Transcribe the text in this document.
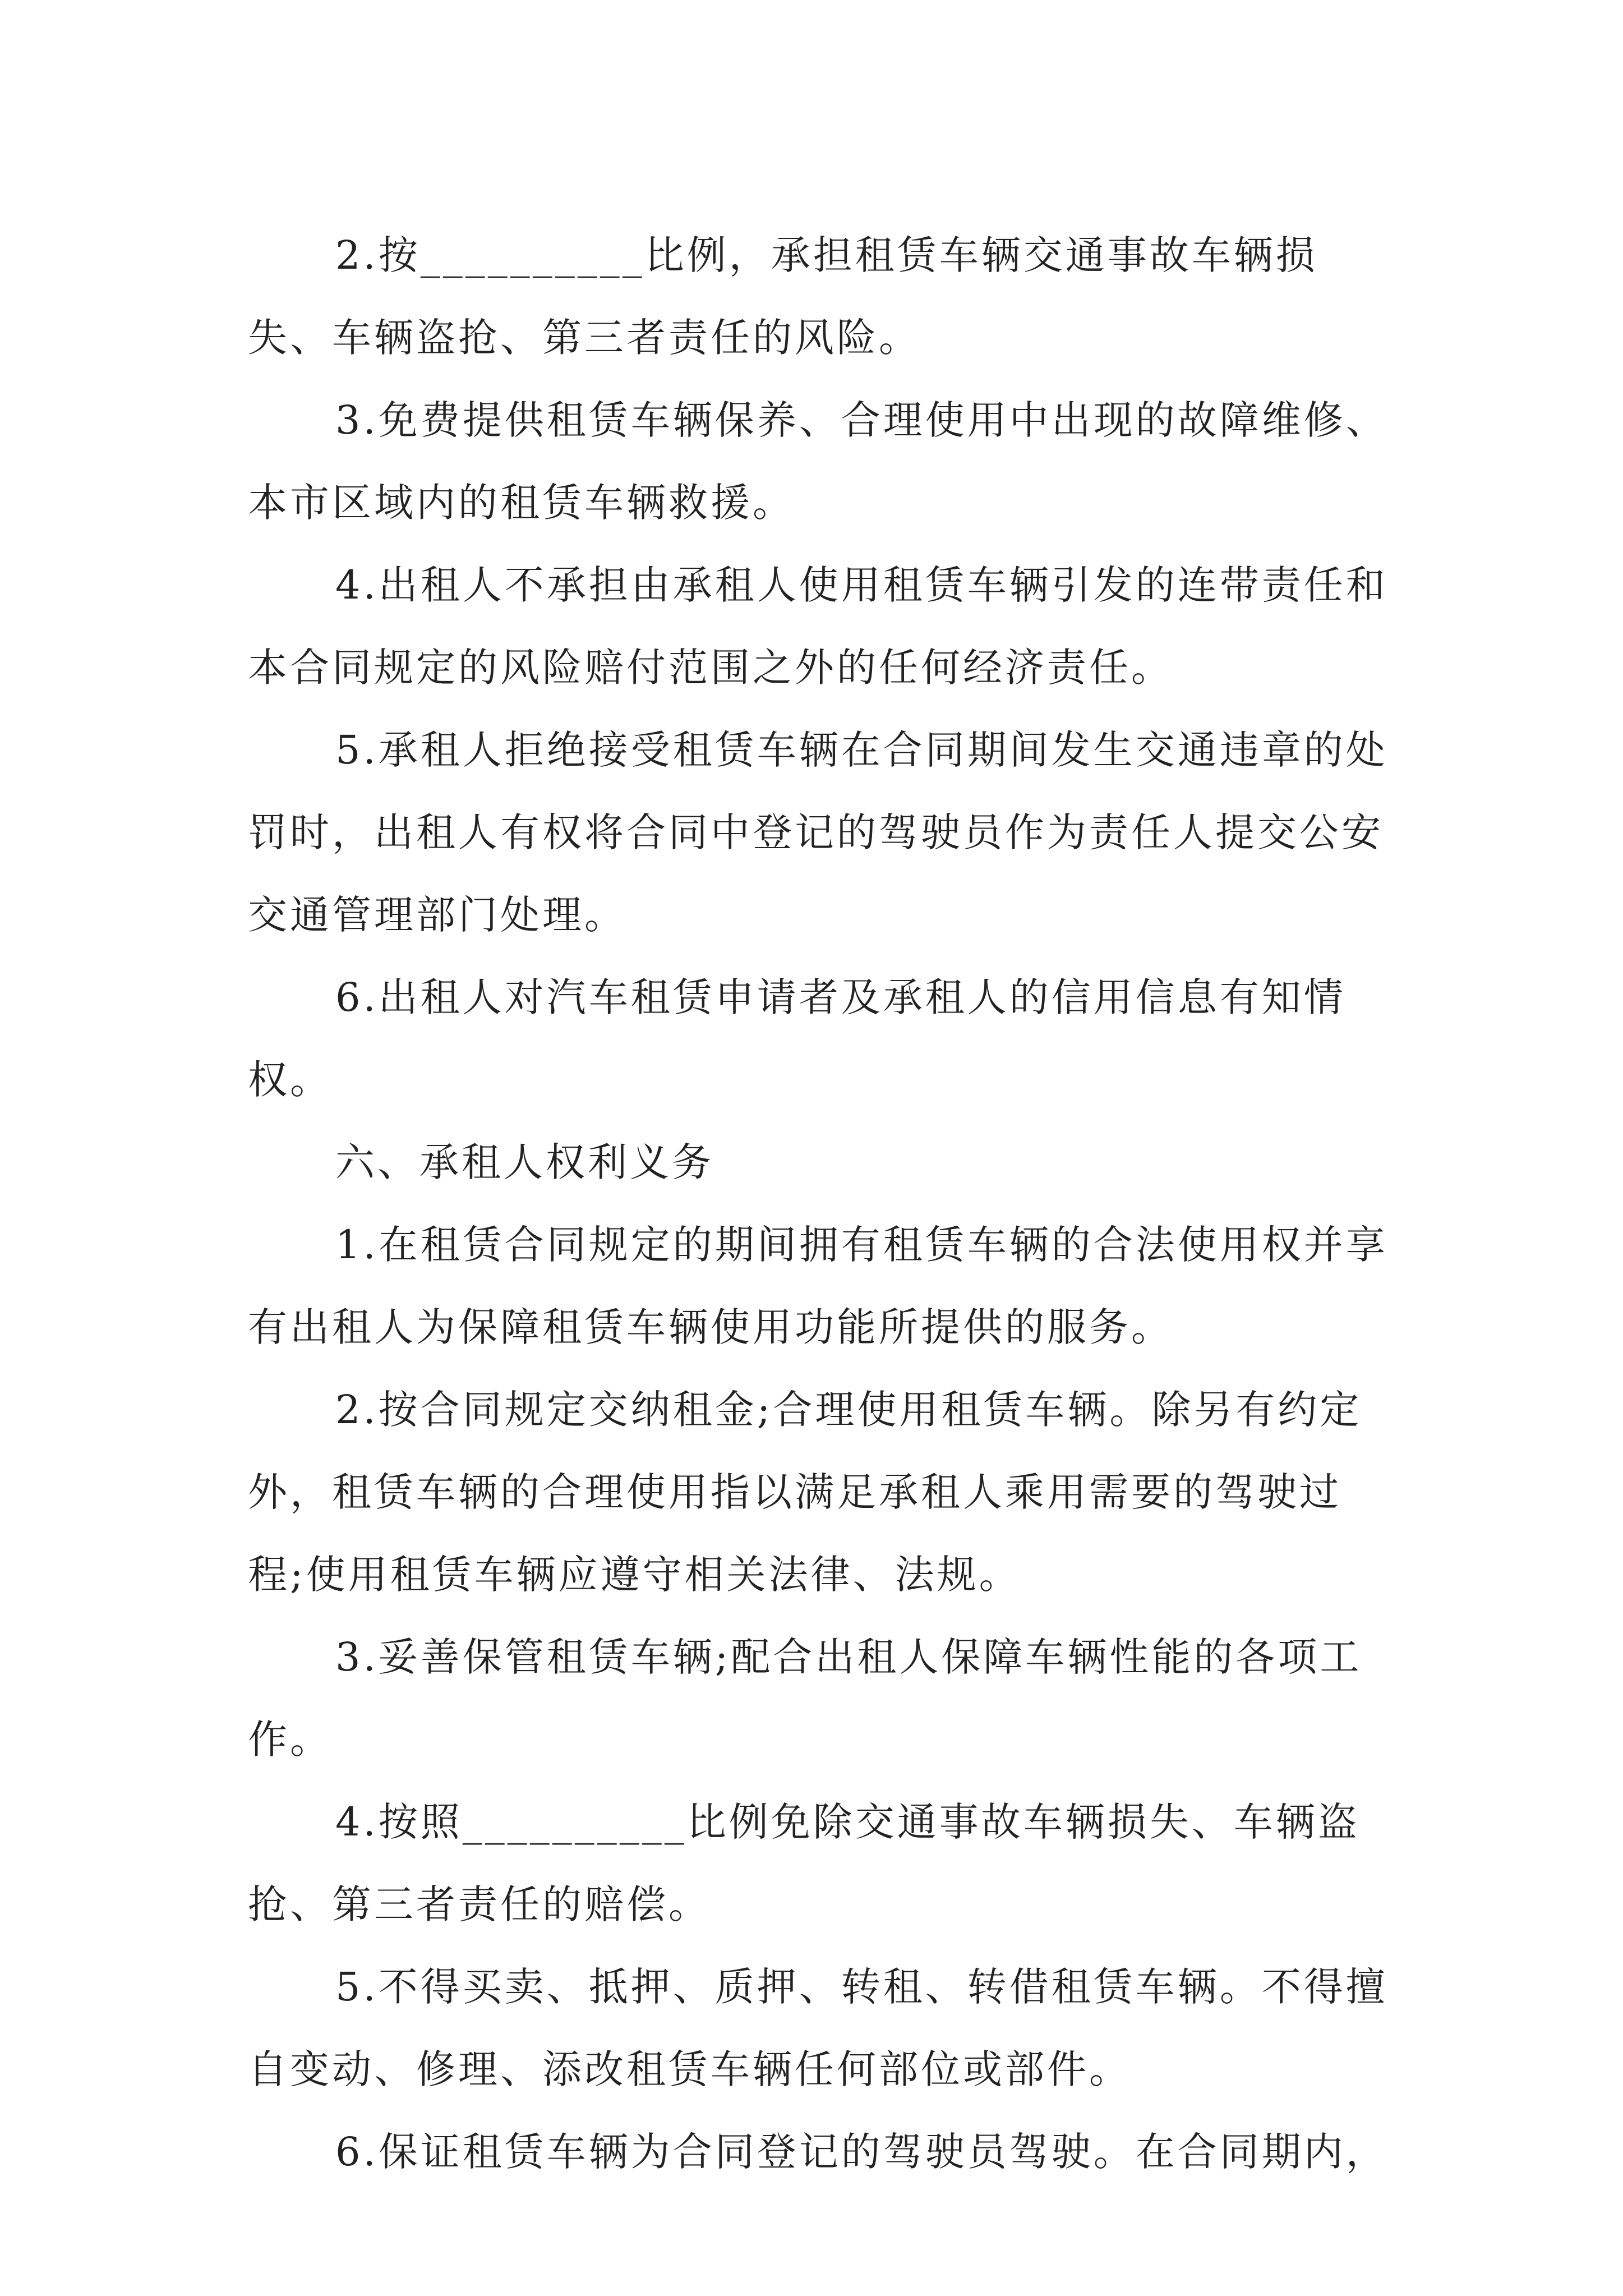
2.按__________比例，承担租赁车辆交通事故车辆损失、车辆盗抢、第三者责任的风险。

3.免费提供租赁车辆保养、合理使用中出现的故障维修、本市区域内的租赁车辆救援。

4.出租人不承担由承租人使用租赁车辆引发的连带责任和本合同规定的风险赔付范围之外的任何经济责任。

5.承租人拒绝接受租赁车辆在合同期间发生交通违章的处罚时，出租人有权将合同中登记的驾驶员作为责任人提交公安交通管理部门处理。

6.出租人对汽车租赁申请者及承租人的信用信息有知情权。

六、承租人权利义务

1.在租赁合同规定的期间拥有租赁车辆的合法使用权并享有出租人为保障租赁车辆使用功能所提供的服务。

2.按合同规定交纳租金;合理使用租赁车辆。除另有约定外，租赁车辆的合理使用指以满足承租人乘用需要的驾驶过程;使用租赁车辆应遵守相关法律、法规。

3.妥善保管租赁车辆;配合出租人保障车辆性能的各项工作。

4.按照__________比例免除交通事故车辆损失、车辆盗抢、第三者责任的赔偿。

5.不得买卖、抵押、质押、转租、转借租赁车辆。不得擅自变动、修理、添改租赁车辆任何部位或部件。

6.保证租赁车辆为合同登记的驾驶员驾驶。在合同期内，
